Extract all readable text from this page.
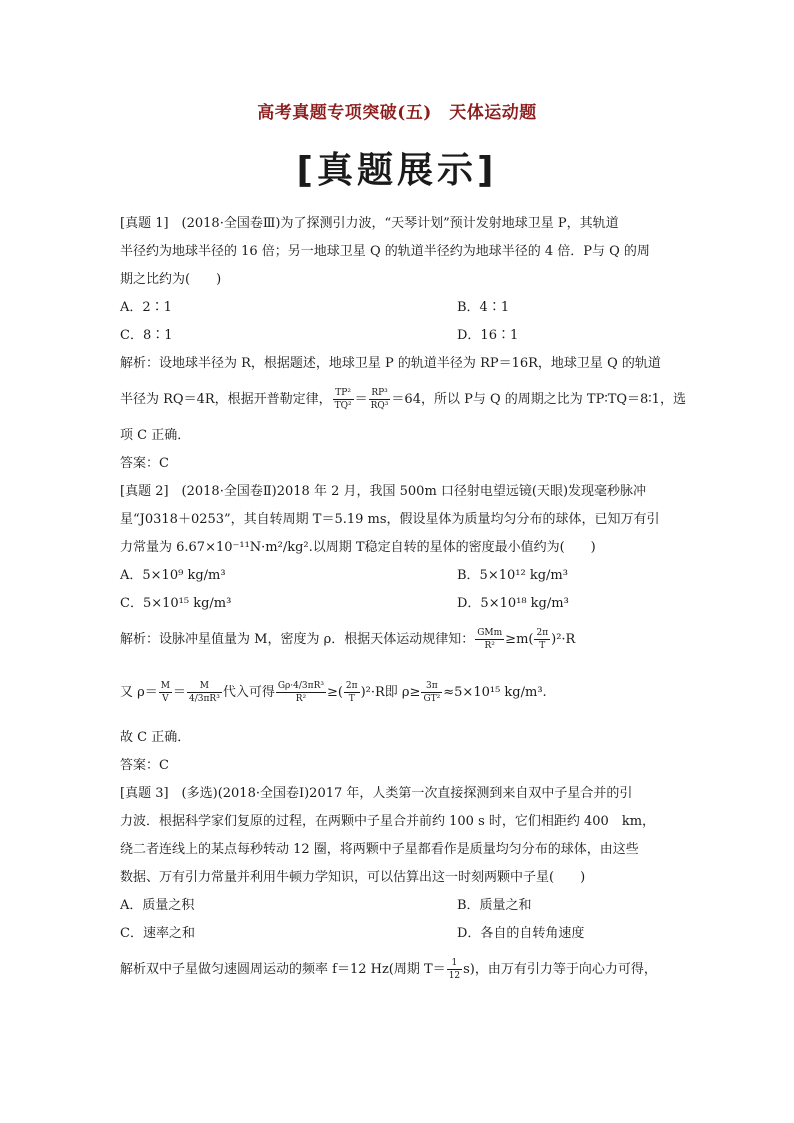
高考真题专项突破(五)　天体运动题
[真题展示]
[真题 1]　(2018·全国卷Ⅲ)为了探测引力波，“天琴计划”预计发射地球卫星 P，其轨道
半径约为地球半径的 16 倍；另一地球卫星 Q 的轨道半径约为地球半径的 4 倍．P与 Q 的周
期之比约为(　　)
A．2∶1	B．4∶1
C．8∶1	D．16∶1
解析：设地球半径为 R，根据题述，地球卫星 P 的轨道半径为 RP＝16R，地球卫星 Q 的轨道
半径为 RQ＝4R，根据开普勒定律， $\frac{\text{TP²}}{\text{TQ²}} = \frac{\text{RP³}}{\text{RQ³}} =64$，所以 P与 Q 的周期之比为 TP∶TQ＝8∶1，选
项 C 正确．
答案：C
[真题 2]　(2018·全国卷Ⅱ)2018 年 2 月，我国 500m 口径射电望远镜(天眼)发现毫秒脉冲
星“J0318＋0253”，其自转周期 T＝5.19 ms，假设星体为质量均匀分布的球体，已知万有引
力常量为 6.67×10⁻¹¹N·m²/kg².以周期 T稳定自转的星体的密度最小值约为(　　)
A．5×10⁹ kg/m³	B．5×10¹² kg/m³
C．5×10¹⁵ kg/m³	D．5×10¹⁸ kg/m³
解析：设脉冲星值量为 M，密度为 ρ．根据天体运动规律知： $\frac{\text{GMm}}{\text{R²}} \ge m( \frac{2\pi}{T} )^2\cdot R$
又 $\rho= \frac{M}{V} = \frac{M}{\text{4/3πR³}}$ 代入可得 $\frac{\text{Gρ·4/3πR³}}{\text{R²}}$ ≥( $\frac{2\pi}{T} )^2\cdot R$即 $\rho\ge \frac{3\pi}{\text{GT²}} \approx 5\times 10^{15}$ kg/m³.
故 C 正确．
答案：C
[真题 3]　(多选)(2018·全国卷Ⅰ)2017 年，人类第一次直接探测到来自双中子星合并的引
力波．根据科学家们复原的过程，在两颗中子星合并前约 100 s 时，它们相距约 400　km，
绕二者连线上的某点每秒转动 12 圈，将两颗中子星都看作是质量均匀分布的球体，由这些
数据、万有引力常量并利用牛顿力学知识，可以估算出这一时刻两颗中子星(　　)
A．质量之积	B．质量之和
C．速率之和	D．各自的自转角速度
解析双中子星做匀速圆周运动的频率 f＝12 Hz(周期 $T= \frac{1}{12} s$)，由万有引力等于向心力可得，
